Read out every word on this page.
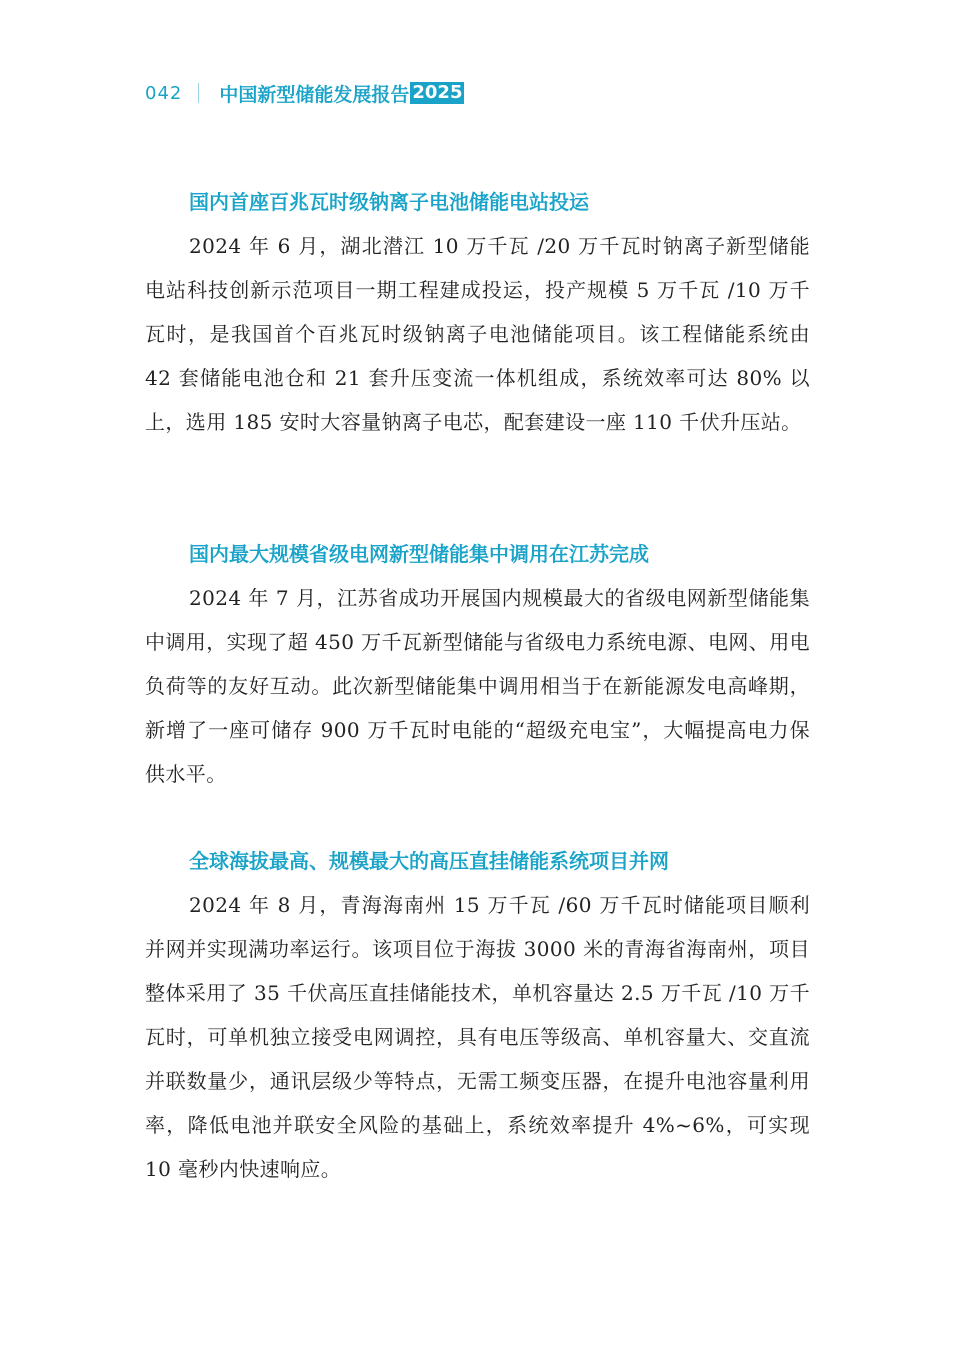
042 中国新型储能发展报告 2025
国内首座百兆瓦时级钠离子电池储能电站投运

2024 年 6 月，湖北潜江 10 万千瓦 /20 万千瓦时钠离子新型储能电站科技创新示范项目一期工程建成投运，投产规模 5 万千瓦 /10 万千瓦时，是我国首个百兆瓦时级钠离子电池储能项目。该工程储能系统由 42 套储能电池仓和 21 套升压变流一体机组成，系统效率可达 80% 以上，选用 185 安时大容量钠离子电芯，配套建设一座 110 千伏升压站。

国内最大规模省级电网新型储能集中调用在江苏完成

2024 年 7 月，江苏省成功开展国内规模最大的省级电网新型储能集中调用，实现了超 450 万千瓦新型储能与省级电力系统电源、电网、用电负荷等的友好互动。此次新型储能集中调用相当于在新能源发电高峰期，新增了一座可储存 900 万千瓦时电能的“超级充电宝”，大幅提高电力保供水平。

全球海拔最高、规模最大的高压直挂储能系统项目并网

2024 年 8 月，青海海南州 15 万千瓦 /60 万千瓦时储能项目顺利并网并实现满功率运行。该项目位于海拔 3000 米的青海省海南州，项目整体采用了 35 千伏高压直挂储能技术，单机容量达 2.5 万千瓦 /10 万千瓦时，可单机独立接受电网调控，具有电压等级高、单机容量大、交直流并联数量少，通讯层级少等特点，无需工频变压器，在提升电池容量利用率，降低电池并联安全风险的基础上，系统效率提升 4%~6%，可实现 10 毫秒内快速响应。
